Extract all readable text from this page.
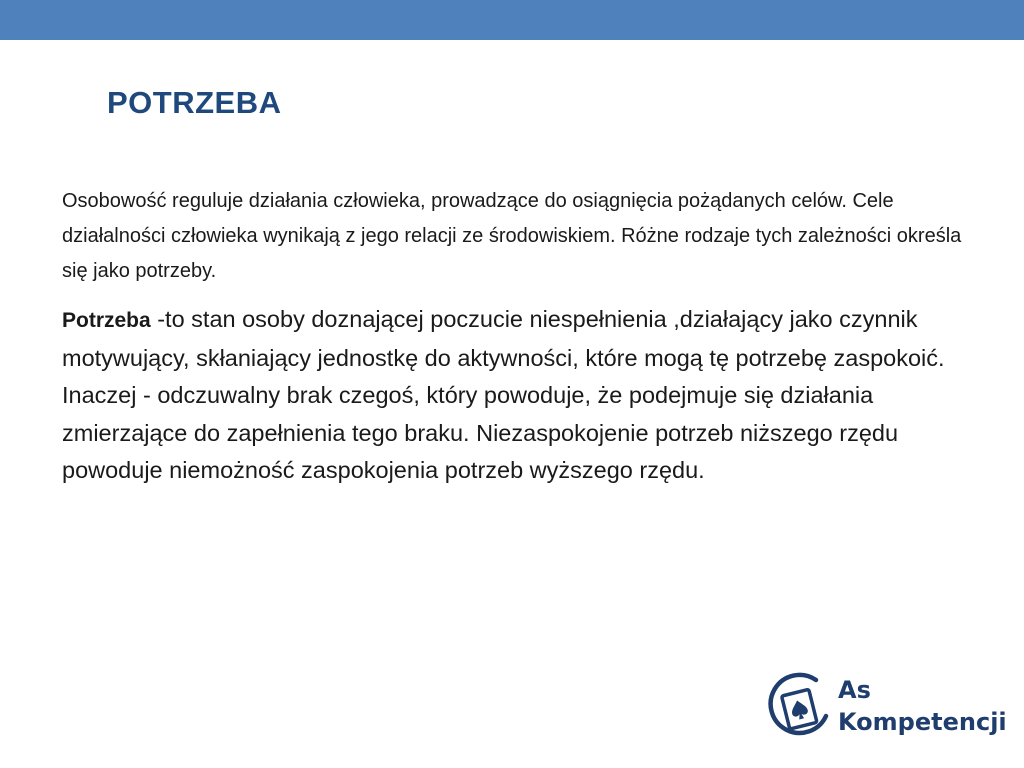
POTRZEBA

Osobowość reguluje działania człowieka, prowadzące do osiągnięcia pożądanych celów. Cele działalności człowieka wynikają z jego relacji ze środowiskiem. Różne rodzaje tych zależności określa się jako potrzeby.

Potrzeba -to stan osoby doznającej poczucie niespełnienia ,działający jako czynnik motywujący, skłaniający jednostkę do aktywności, które mogą tę potrzebę zaspokoić. Inaczej - odczuwalny brak czegoś, który powoduje, że podejmuje się działania zmierzające do zapełnienia tego braku. Niezaspokojenie potrzeb niższego rzędu powoduje niemożność zaspokojenia potrzeb wyższego rzędu.

As
Kompetencji
